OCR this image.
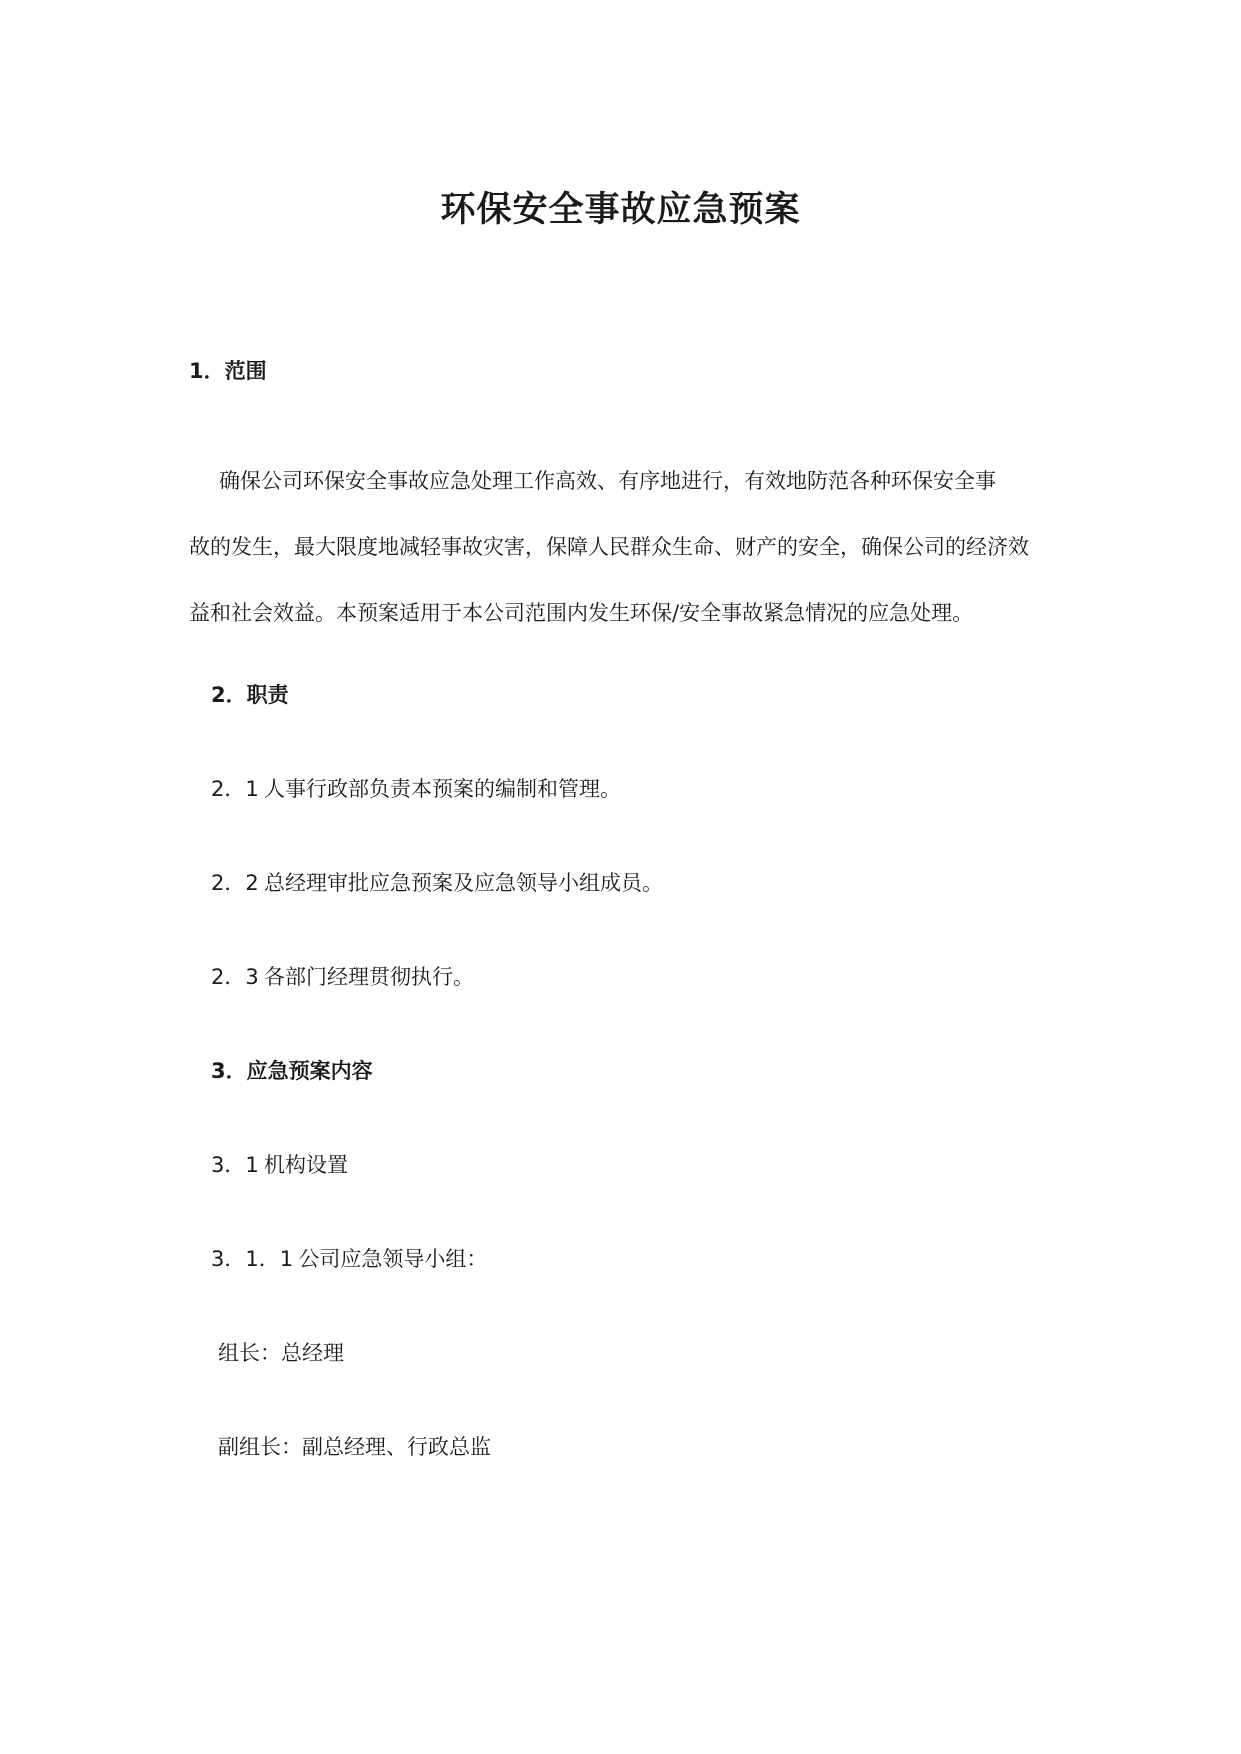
环保安全事故应急预案
1．范围
确保公司环保安全事故应急处理工作高效、有序地进行，有效地防范各种环保安全事
故的发生，最大限度地减轻事故灾害，保障人民群众生命、财产的安全，确保公司的经济效
益和社会效益。本预案适用于本公司范围内发生环保/安全事故紧急情况的应急处理。
2．职责
2．1 人事行政部负责本预案的编制和管理。
2．2 总经理审批应急预案及应急领导小组成员。
2．3 各部门经理贯彻执行。
3．应急预案内容
3．1 机构设置
3．1．1 公司应急领导小组：
组长：总经理
副组长：副总经理、行政总监
